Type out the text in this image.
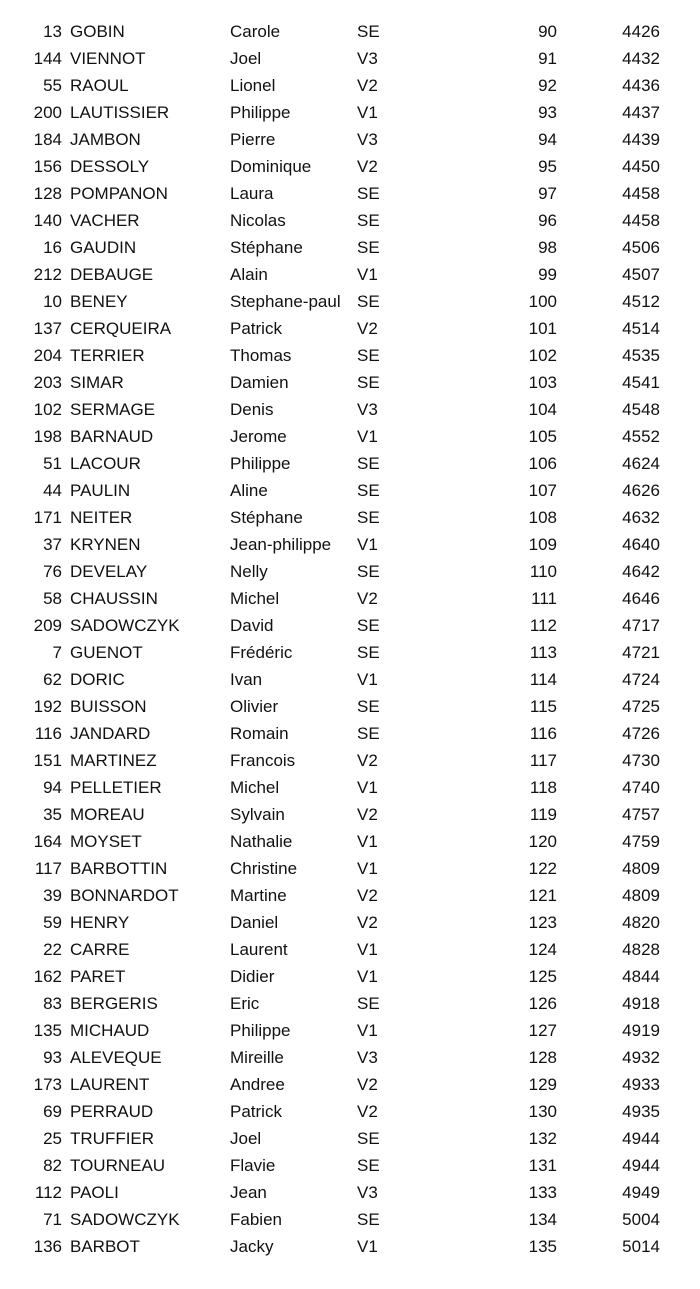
13	GOBIN	Carole	SE	90	4426	
144	VIENNOT	Joel	V3	91	4432	
55	RAOUL	Lionel	V2	92	4436	
200	LAUTISSIER	Philippe	V1	93	4437	
184	JAMBON	Pierre	V3	94	4439	
156	DESSOLY	Dominique	V2	95	4450	
128	POMPANON	Laura	SE	97	4458	
140	VACHER	Nicolas	SE	96	4458	
16	GAUDIN	Stéphane	SE	98	4506	
212	DEBAUGE	Alain	V1	99	4507	
10	BENEY	Stephane-paul	SE	100	4512	
137	CERQUEIRA	Patrick	V2	101	4514	
204	TERRIER	Thomas	SE	102	4535	
203	SIMAR	Damien	SE	103	4541	
102	SERMAGE	Denis	V3	104	4548	
198	BARNAUD	Jerome	V1	105	4552	
51	LACOUR	Philippe	SE	106	4624	
44	PAULIN	Aline	SE	107	4626	
171	NEITER	Stéphane	SE	108	4632	
37	KRYNEN	Jean-philippe	V1	109	4640	
76	DEVELAY	Nelly	SE	110	4642	
58	CHAUSSIN	Michel	V2	111	4646	
209	SADOWCZYK	David	SE	112	4717	
7	GUENOT	Frédéric	SE	113	4721	
62	DORIC	Ivan	V1	114	4724	
192	BUISSON	Olivier	SE	115	4725	
116	JANDARD	Romain	SE	116	4726	
151	MARTINEZ	Francois	V2	117	4730	
94	PELLETIER	Michel	V1	118	4740	
35	MOREAU	Sylvain	V2	119	4757	
164	MOYSET	Nathalie	V1	120	4759	
117	BARBOTTIN	Christine	V1	122	4809	
39	BONNARDOT	Martine	V2	121	4809	
59	HENRY	Daniel	V2	123	4820	
22	CARRE	Laurent	V1	124	4828	
162	PARET	Didier	V1	125	4844	
83	BERGERIS	Eric	SE	126	4918	
135	MICHAUD	Philippe	V1	127	4919	
93	ALEVEQUE	Mireille	V3	128	4932	
173	LAURENT	Andree	V2	129	4933	
69	PERRAUD	Patrick	V2	130	4935	
25	TRUFFIER	Joel	SE	132	4944	
82	TOURNEAU	Flavie	SE	131	4944	
112	PAOLI	Jean	V3	133	4949	
71	SADOWCZYK	Fabien	SE	134	5004	
136	BARBOT	Jacky	V1	135	5014	
